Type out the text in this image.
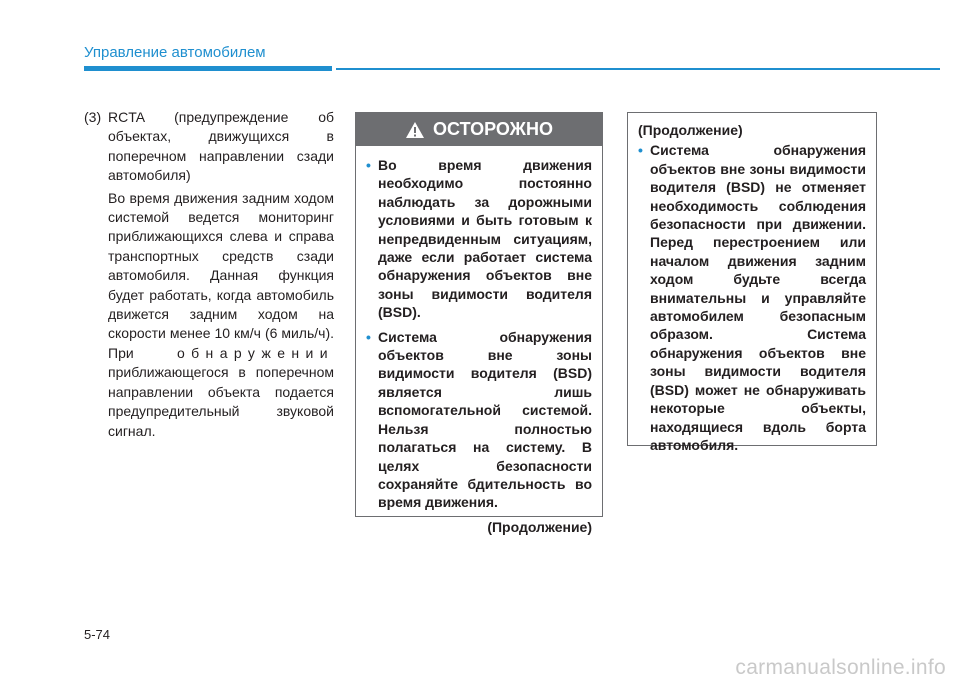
Управление автомобилем
(3) RCTA (предупреждение об объектах, движущихся в поперечном направлении сзади автомобиля)

Во время движения задним ходом системой ведется мониторинг приближающихся слева и справа транспортных средств сзади автомобиля. Данная функция будет работать, когда автомобиль движется задним ходом на скорости менее 10 км/ч (6 миль/ч). При	обнаружении приближающегося в поперечном направлении объекта подается предупредительный звуковой сигнал.

ОСТОРОЖНО
• Во время движения необходимо постоянно наблюдать за дорожными условиями и быть готовым к непредвиденным ситуациям, даже если работает система обнаружения объектов вне зоны видимости водителя (BSD).
• Система обнаружения объектов вне зоны видимости водителя (BSD) является лишь вспомогательной системой. Нельзя полностью полагаться на систему. В целях безопасности сохраняйте бдительность во время движения.
(Продолжение)
(Продолжение)
• Система обнаружения объектов вне зоны видимости водителя (BSD) не отменяет необходимость соблюдения безопасности при движении. Перед перестроением или началом движения задним ходом будьте всегда внимательны и управляйте автомобилем безопасным образом. Система обнаружения объектов вне зоны видимости водителя (BSD) может не обнаруживать некоторые объекты, находящиеся вдоль борта автомобиля.
5-74
carmanualsonline.info
